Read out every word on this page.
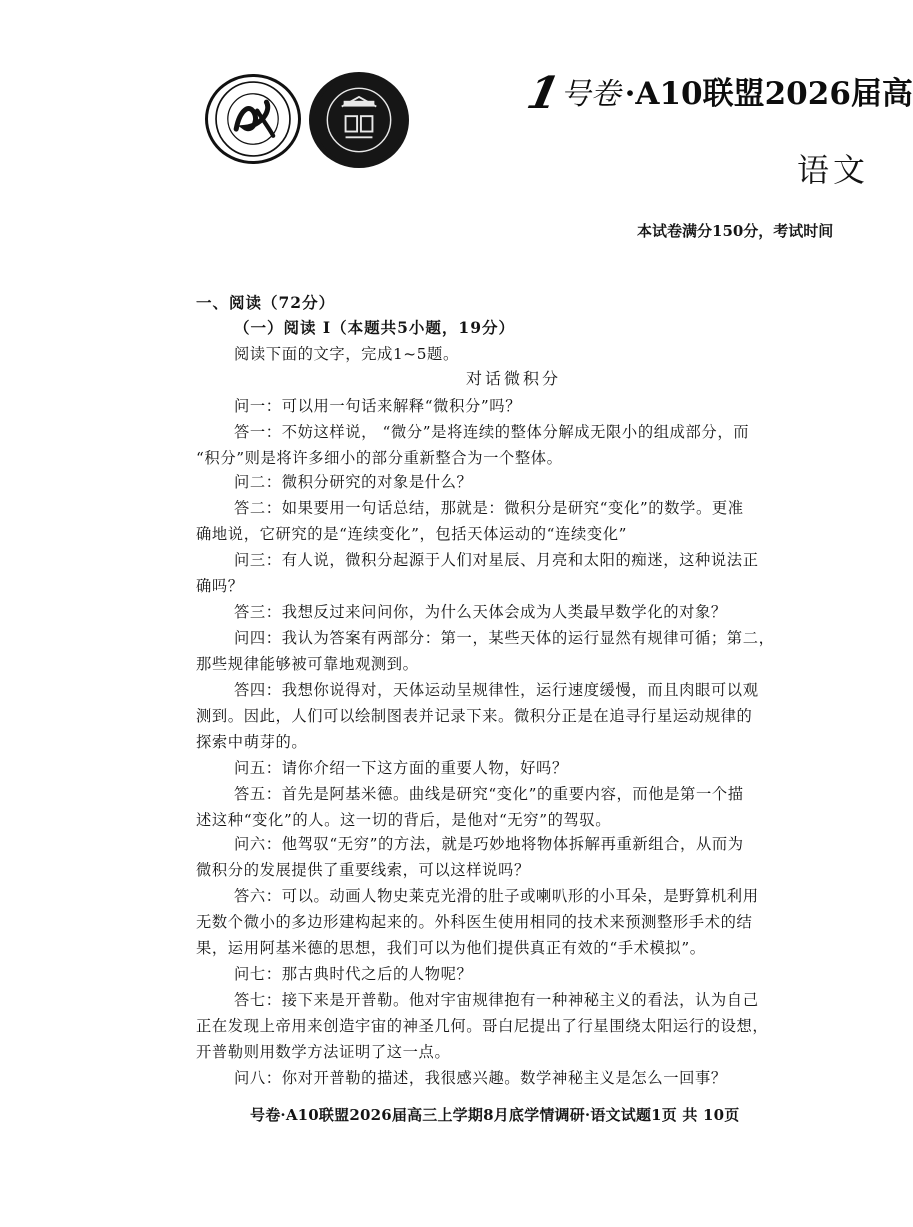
1号卷 ·A10联盟2026届高
语文
本试卷满分150分，考试时间
一、阅读（72分）
（一）阅读 I（本题共5小题，19分）
阅读下面的文字，完成1~5题。
对话微积分
问一：可以用一句话来解释“微积分”吗？
答一：不妨这样说， “微分”是将连续的整体分解成无限小的组成部分，而
“积分”则是将许多细小的部分重新整合为一个整体。
问二：微积分研究的对象是什么？
答二：如果要用一句话总结，那就是：微积分是研究“变化”的数学。更准
确地说，它研究的是“连续变化”，包括天体运动的“连续变化”
问三：有人说，微积分起源于人们对星辰、月亮和太阳的痴迷，这种说法正
确吗？
答三：我想反过来问问你，为什么天体会成为人类最早数学化的对象？
问四：我认为答案有两部分：第一，某些天体的运行显然有规律可循；第二，
那些规律能够被可靠地观测到。
答四：我想你说得对，天体运动呈规律性，运行速度缓慢，而且肉眼可以观
测到。因此，人们可以绘制图表并记录下来。微积分正是在追寻行星运动规律的
探索中萌芽的。
问五：请你介绍一下这方面的重要人物，好吗？
答五：首先是阿基米德。曲线是研究“变化”的重要内容，而他是第一个描
述这种“变化”的人。这一切的背后，是他对“无穷”的驾驭。
问六：他驾驭“无穷”的方法，就是巧妙地将物体拆解再重新组合，从而为
微积分的发展提供了重要线索，可以这样说吗？
答六：可以。动画人物史莱克光滑的肚子或喇叭形的小耳朵，是野算机利用
无数个微小的多边形建构起来的。外科医生使用相同的技术来预测整形手术的结
果，运用阿基米德的思想，我们可以为他们提供真正有效的“手术模拟”。
问七：那古典时代之后的人物呢？
答七：接下来是开普勒。他对宇宙规律抱有一种神秘主义的看法，认为自己
正在发现上帝用来创造宇宙的神圣几何。哥白尼提出了行星围绕太阳运行的设想，
开普勒则用数学方法证明了这一点。
问八：你对开普勒的描述，我很感兴趣。数学神秘主义是怎么一回事？
号卷·A10联盟2026届高三上学期8月底学情调研·语文试题1页 共 10页
